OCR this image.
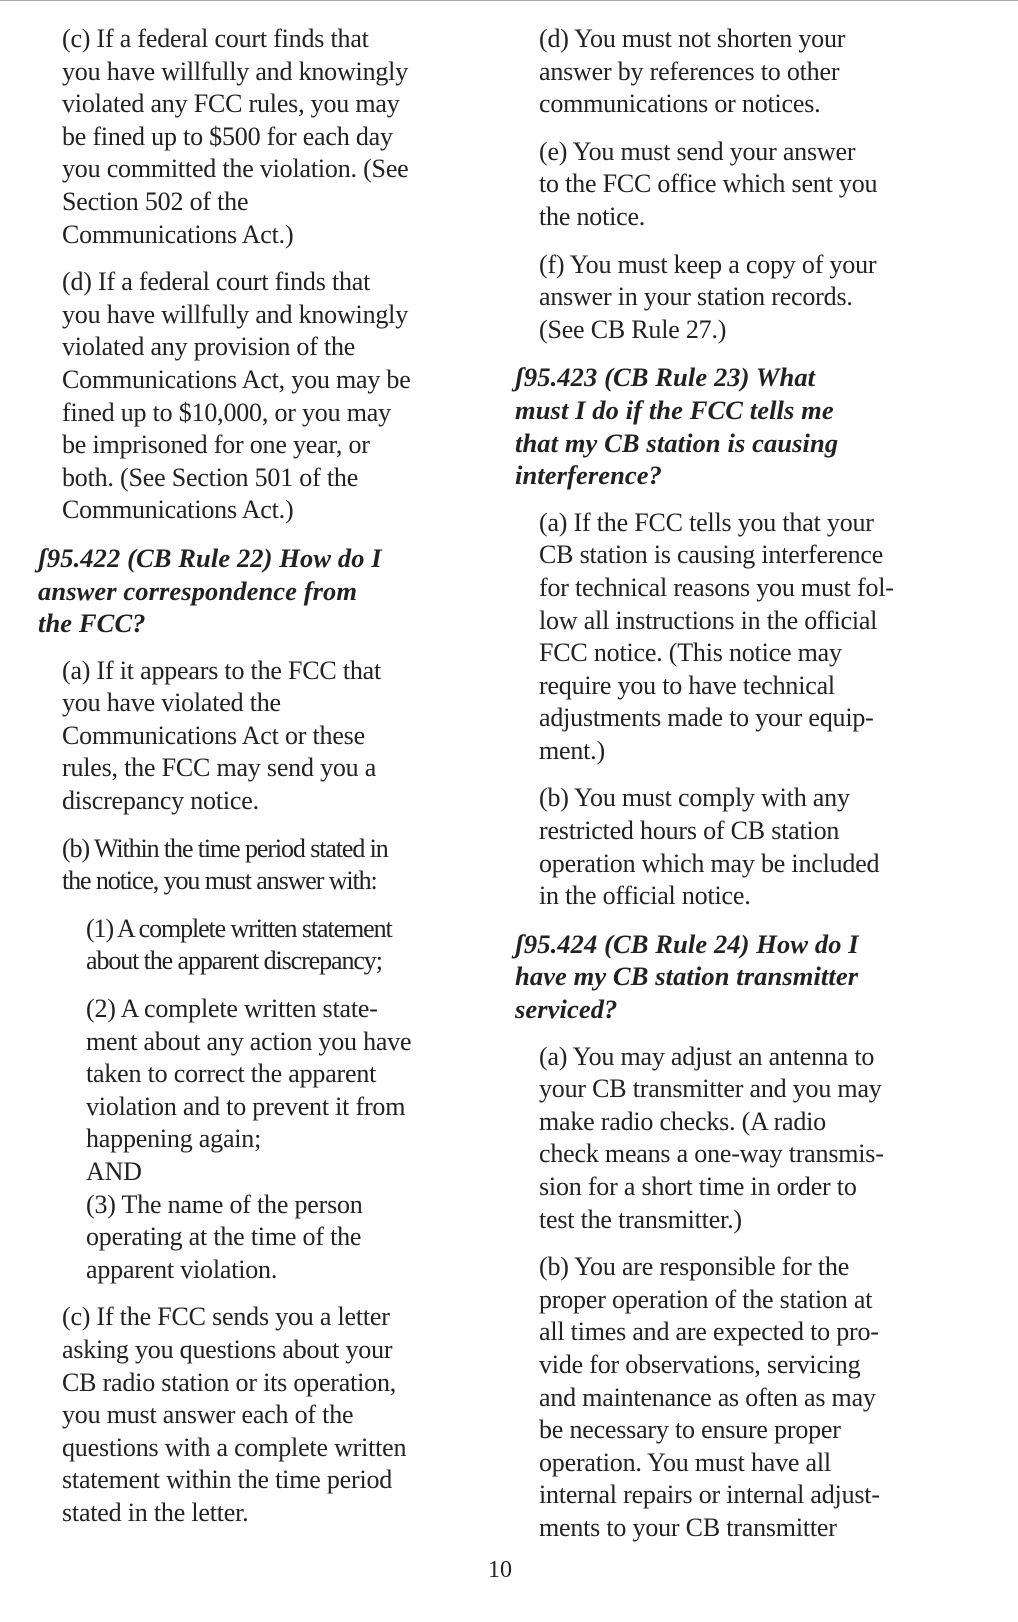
(c) If a federal court finds that
you have willfully and knowingly
violated any FCC rules, you may
be fined up to $500 for each day
you committed the violation. (See
Section 502 of the
Communications Act.)
(d) If a federal court finds that
you have willfully and knowingly
violated any provision of the
Communications Act, you may be
fined up to $10,000, or you may
be imprisoned for one year, or
both. (See Section 501 of the
Communications Act.)
ʃ95.422 (CB Rule 22) How do I
answer correspondence from
the FCC?
(a) If it appears to the FCC that
you have violated the
Communications Act or these
rules, the FCC may send you a
discrepancy notice.
(b) Within the time period stated in
the notice, you must answer with:
(1) A complete written statement
about the apparent discrepancy;
(2) A complete written state-
ment about any action you have
taken to correct the apparent
violation and to prevent it from
happening again;
AND
(3) The name of the person
operating at the time of the
apparent violation.
(c) If the FCC sends you a letter
asking you questions about your
CB radio station or its operation,
you must answer each of the
questions with a complete written
statement within the time period
stated in the letter.
(d) You must not shorten your
answer by references to other
communications or notices.
(e) You must send your answer
to the FCC office which sent you
the notice.
(f) You must keep a copy of your
answer in your station records.
(See CB Rule 27.)
ʃ95.423 (CB Rule 23) What
must I do if the FCC tells me
that my CB station is causing
interference?
(a) If the FCC tells you that your
CB station is causing interference
for technical reasons you must fol-
low all instructions in the official
FCC notice. (This notice may
require you to have technical
adjustments made to your equip-
ment.)
(b) You must comply with any
restricted hours of CB station
operation which may be included
in the official notice.
ʃ95.424 (CB Rule 24) How do I
have my CB station transmitter
serviced?
(a) You may adjust an antenna to
your CB transmitter and you may
make radio checks. (A radio
check means a one-way transmis-
sion for a short time in order to
test the transmitter.)
(b) You are responsible for the
proper operation of the station at
all times and are expected to pro-
vide for observations, servicing
and maintenance as often as may
be necessary to ensure proper
operation. You must have all
internal repairs or internal adjust-
ments to your CB transmitter
10
